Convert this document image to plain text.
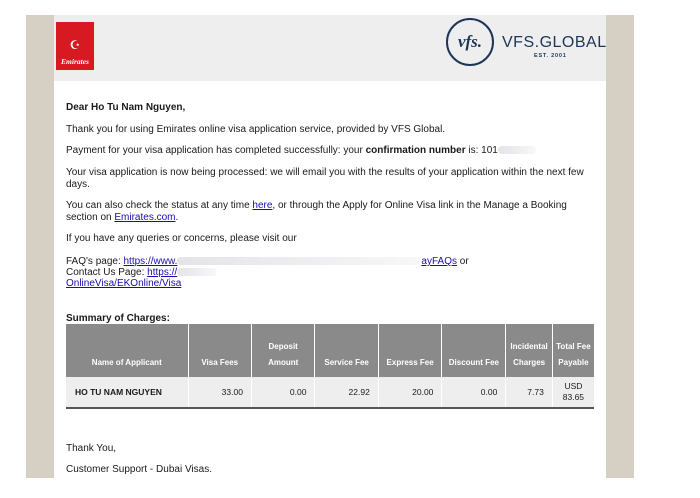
☪
Emirates
vfs. VFS.GLOBAL
EST. 2001
Dear Ho Tu Nam Nguyen,
Thank you for using Emirates online visa application service, provided by VFS Global.
Payment for your visa application has completed successfully: your confirmation number is: 101
Your visa application is now being processed: we will email you with the results of your application within the next few days.
You can also check the status at any time here, or through the Apply for Online Visa link in the Manage a Booking section on Emirates.com.
If you have any queries or concerns, please visit our
FAQ's page: https://www.	ayFAQs or
Contact Us Page: https://
OnlineVisa/EKOnline/Visa
Summary of Charges:
Name of Applicant	Visa Fees	Deposit Amount	Service Fee	Express Fee	Discount Fee	Incidental Charges	Total Fee Payable
HO TU NAM NGUYEN	33.00	0.00	22.92	20.00	0.00	7.73	USD
83.65
Thank You,
Customer Support - Dubai Visas.
